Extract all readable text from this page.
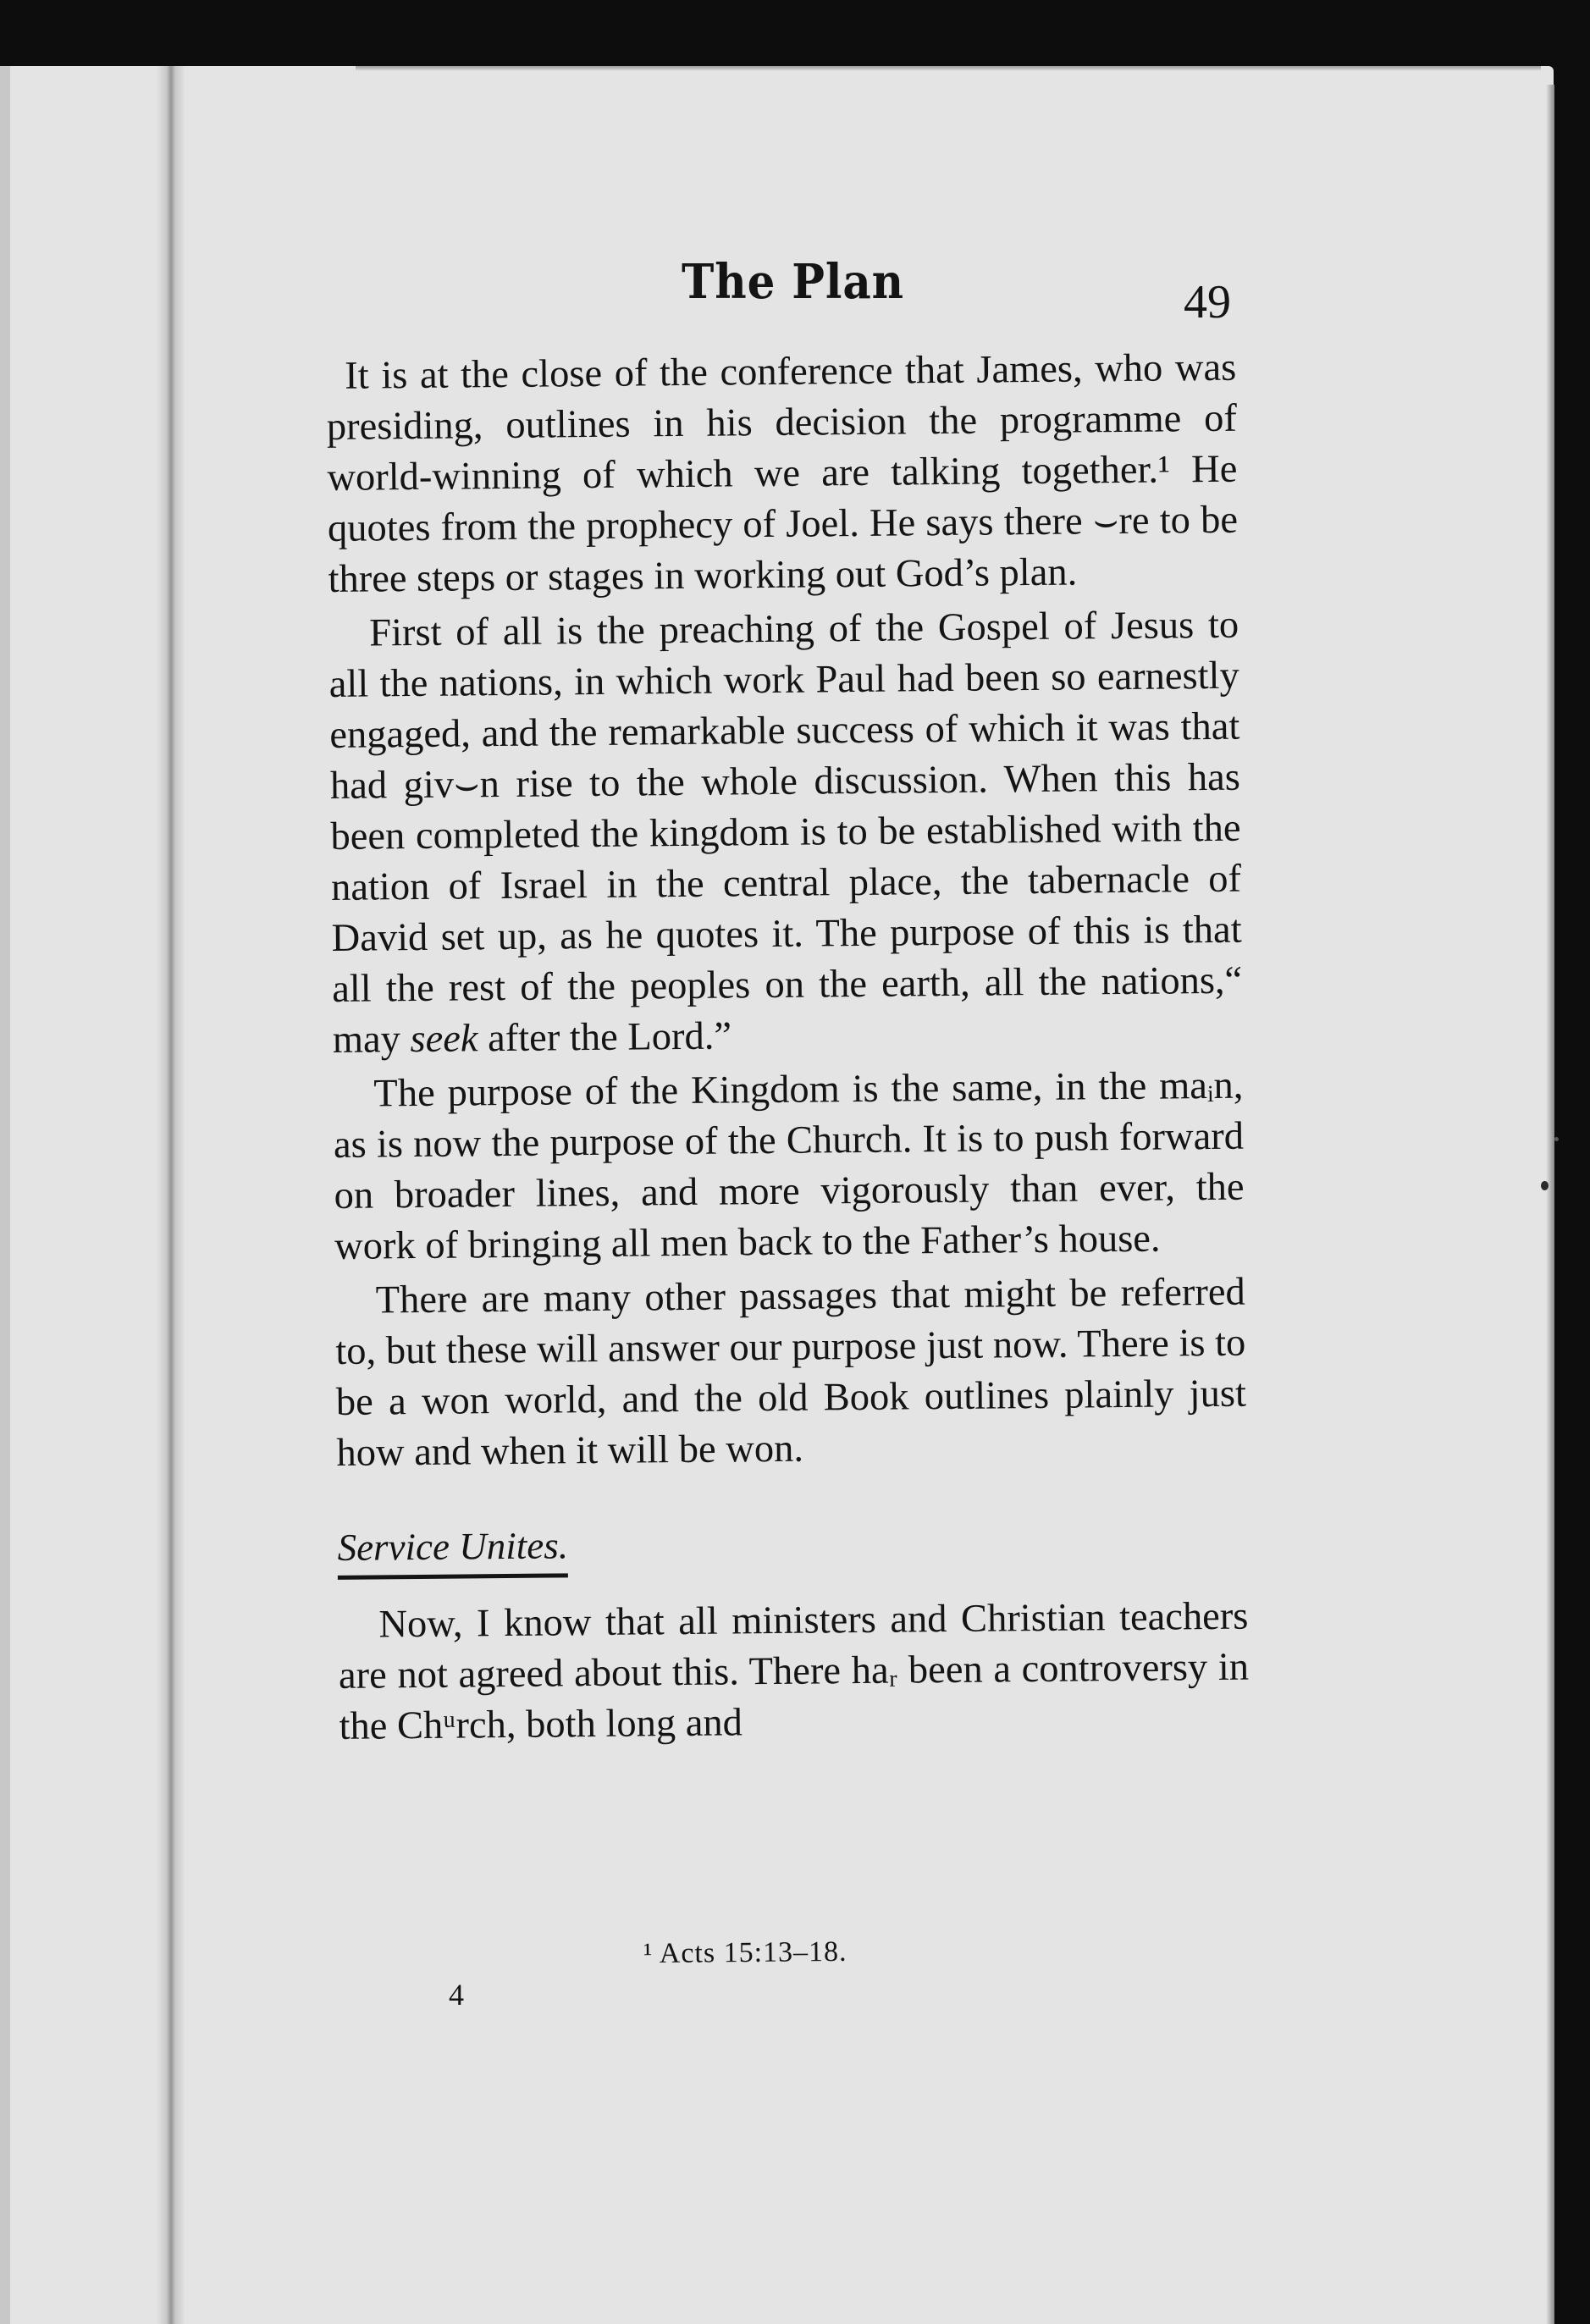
The Plan	49

It is at the close of the conference that James, who was presiding, outlines in his decision the programme of world-winning of which we are talking together.¹ He quotes from the prophecy of Joel. He says there ⌣re to be three steps or stages in working out God’s plan.

First of all is the preaching of the Gospel of Jesus to all the nations, in which work Paul had been so earnestly engaged, and the remarkable success of which it was that had giv⌣n rise to the whole discussion. When this has been completed the kingdom is to be established with the nation of Israel in the central place, the tabernacle of David set up, as he quotes it. The purpose of this is that all the rest of the peoples on the earth, all the nations,“ may seek after the Lord.”

The purpose of the Kingdom is the same, in the maᵢn, as is now the purpose of the Church. It is to push forward on broader lines, and more vigorously than ever, the work of bringing all men back to the Father’s house.

There are many other passages that might be referred to, but these will answer our purpose just now. There is to be a won world, and the old Book outlines plainly just how and when it will be won.

Service Unites.

Now, I know that all ministers and Christian teachers are not agreed about this. There haᵣ been a controversy in the Chᵘrch, both long and

¹ Acts 15:13–18.
4
